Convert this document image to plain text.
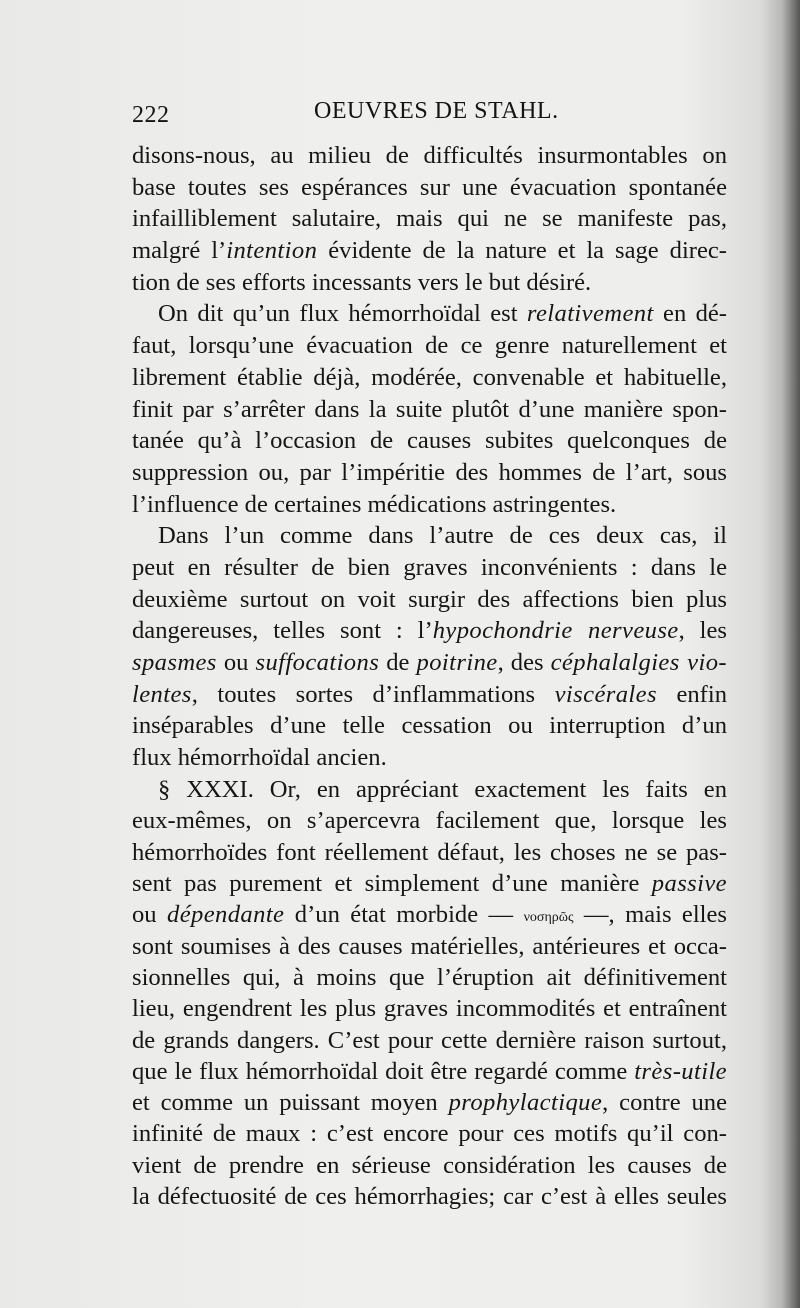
222	OEUVRES DE STAHL.
disons-nous, au milieu de difficultés insurmontables on
base toutes ses espérances sur une évacuation spontanée
infailliblement salutaire, mais qui ne se manifeste pas,
malgré l’intention évidente de la nature et la sage direc-
tion de ses efforts incessants vers le but désiré.
On dit qu’un flux hémorrhoïdal est relativement en dé-
faut, lorsqu’une évacuation de ce genre naturellement et
librement établie déjà, modérée, convenable et habituelle,
finit par s’arrêter dans la suite plutôt d’une manière spon-
tanée qu’à l’occasion de causes subites quelconques de
suppression ou, par l’impéritie des hommes de l’art, sous
l’influence de certaines médications astringentes.
Dans l’un comme dans l’autre de ces deux cas, il
peut en résulter de bien graves inconvénients : dans le
deuxième surtout on voit surgir des affections bien plus
dangereuses, telles sont : l’hypochondrie nerveuse, les
spasmes ou suffocations de poitrine, des céphalalgies vio-
lentes, toutes sortes d’inflammations viscérales enfin
inséparables d’une telle cessation ou interruption d’un
flux hémorrhoïdal ancien.
§ XXXI. Or, en appréciant exactement les faits en
eux-mêmes, on s’apercevra facilement que, lorsque les
hémorrhoïdes font réellement défaut, les choses ne se pas-
sent pas purement et simplement d’une manière passive
ou dépendante d’un état morbide — νοσηρῶς —, mais elles
sont soumises à des causes matérielles, antérieures et occa-
sionnelles qui, à moins que l’éruption ait définitivement
lieu, engendrent les plus graves incommodités et entraînent
de grands dangers. C’est pour cette dernière raison surtout,
que le flux hémorrhoïdal doit être regardé comme très-utile
et comme un puissant moyen prophylactique, contre une
infinité de maux : c’est encore pour ces motifs qu’il con-
vient de prendre en sérieuse considération les causes de
la défectuosité de ces hémorrhagies; car c’est à elles seules
